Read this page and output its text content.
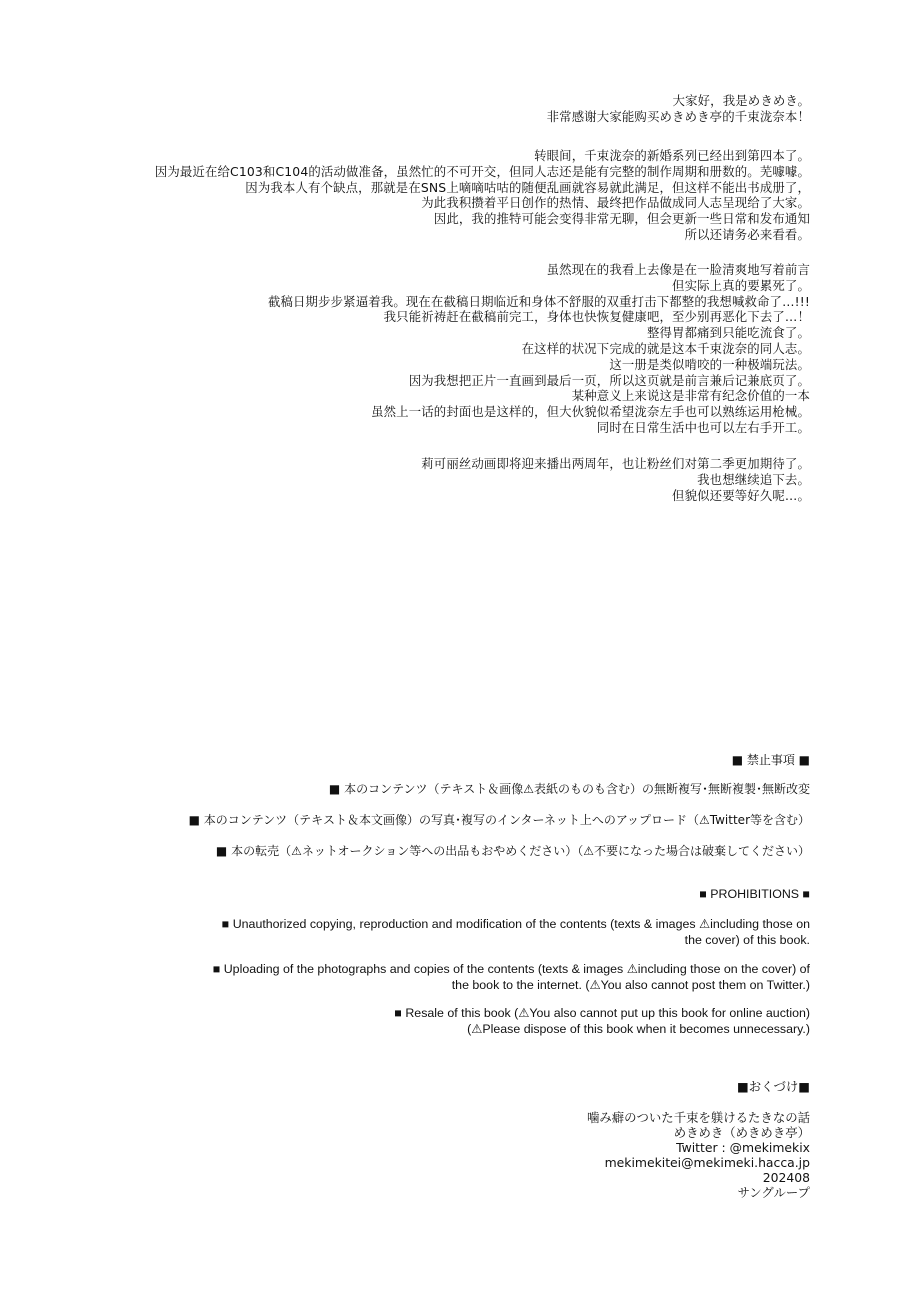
大家好，我是めきめき。
非常感谢大家能购买めきめき亭的千束泷奈本！
转眼间，千束泷奈的新婚系列已经出到第四本了。
因为最近在给C103和C104的活动做准备，虽然忙的不可开交，但同人志还是能有完整的制作周期和册数的。芜噱噱。
因为我本人有个缺点，那就是在SNS上嘀嘀咕咕的随便乱画就容易就此满足，但这样不能出书成册了，
为此我积攒着平日创作的热情、最终把作品做成同人志呈现给了大家。
因此，我的推特可能会变得非常无聊，但会更新一些日常和发布通知
所以还请务必来看看。
虽然现在的我看上去像是在一脸清爽地写着前言
但实际上真的要累死了。
截稿日期步步紧逼着我。现在在截稿日期临近和身体不舒服的双重打击下都整的我想喊救命了…!!!
我只能祈祷赶在截稿前完工，身体也快恢复健康吧，至少别再恶化下去了…！
整得胃都痛到只能吃流食了。
在这样的状况下完成的就是这本千束泷奈的同人志。
这一册是类似啃咬的一种极端玩法。
因为我想把正片一直画到最后一页，所以这页就是前言兼后记兼底页了。
某种意义上来说这是非常有纪念价值的一本
虽然上一话的封面也是这样的，但大伙貌似希望泷奈左手也可以熟练运用枪械。
同时在日常生活中也可以左右手开工。
莉可丽丝动画即将迎来播出两周年，也让粉丝们对第二季更加期待了。
我也想继续追下去。
但貌似还要等好久呢…。
■ 禁止事項 ■
■ 本のコンテンツ（テキスト＆画像⚠表紙のものも含む）の無断複写･無断複製･無断改変
■ 本のコンテンツ（テキスト＆本文画像）の写真･複写のインターネット上へのアップロード（⚠Twitter等を含む）
■ 本の転売（⚠ネットオークション等への出品もおやめください）（⚠不要になった場合は破棄してください）
■ PROHIBITIONS ■
■ Unauthorized copying, reproduction and modification of the contents (texts & images ⚠including those on
the cover) of this book.
■ Uploading of the photographs and copies of the contents (texts & images ⚠including those on the cover) of
the book to the internet. (⚠You also cannot post them on Twitter.)
■ Resale of this book (⚠You also cannot put up this book for online auction)
(⚠Please dispose of this book when it becomes unnecessary.)
■おくづけ■
噛み癖のついた千束を躾けるたきなの話
めきめき（めきめき亭）
Twitter : @mekimekix
mekimekitei@mekimeki.hacca.jp
202408
サングループ
